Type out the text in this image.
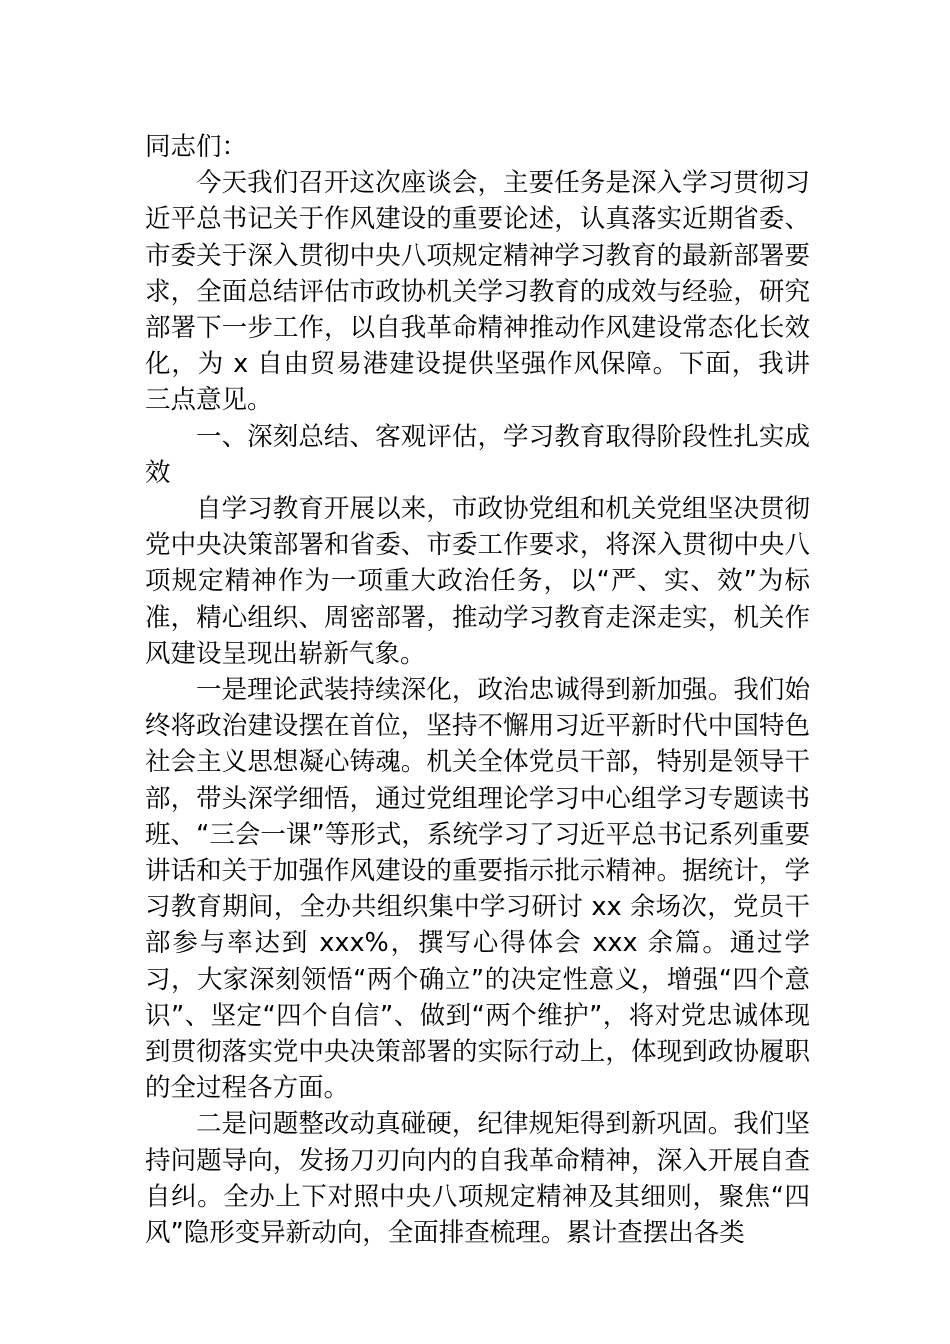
同志们：

今天我们召开这次座谈会，主要任务是深入学习贯彻习近平总书记关于作风建设的重要论述，认真落实近期省委、市委关于深入贯彻中央八项规定精神学习教育的最新部署要求，全面总结评估市政协机关学习教育的成效与经验，研究部署下一步工作，以自我革命精神推动作风建设常态化长效化，为 x 自由贸易港建设提供坚强作风保障。下面，我讲三点意见。

一、深刻总结、客观评估，学习教育取得阶段性扎实成效

自学习教育开展以来，市政协党组和机关党组坚决贯彻党中央决策部署和省委、市委工作要求，将深入贯彻中央八项规定精神作为一项重大政治任务，以“严、实、效”为标准，精心组织、周密部署，推动学习教育走深走实，机关作风建设呈现出崭新气象。

一是理论武装持续深化，政治忠诚得到新加强。我们始终将政治建设摆在首位，坚持不懈用习近平新时代中国特色社会主义思想凝心铸魂。机关全体党员干部，特别是领导干部，带头深学细悟，通过党组理论学习中心组学习专题读书班、“三会一课”等形式，系统学习了习近平总书记系列重要讲话和关于加强作风建设的重要指示批示精神。据统计，学习教育期间，全办共组织集中学习研讨 xx 余场次，党员干部参与率达到 xxx%，撰写心得体会 xxx 余篇。通过学习，大家深刻领悟“两个确立”的决定性意义，增强“四个意识”、坚定“四个自信”、做到“两个维护”，将对党忠诚体现到贯彻落实党中央决策部署的实际行动上，体现到政协履职的全过程各方面。

二是问题整改动真碰硬，纪律规矩得到新巩固。我们坚持问题导向，发扬刀刃向内的自我革命精神，深入开展自查自纠。全办上下对照中央八项规定精神及其细则，聚焦“四风”隐形变异新动向，全面排查梳理。累计查摆出各类
